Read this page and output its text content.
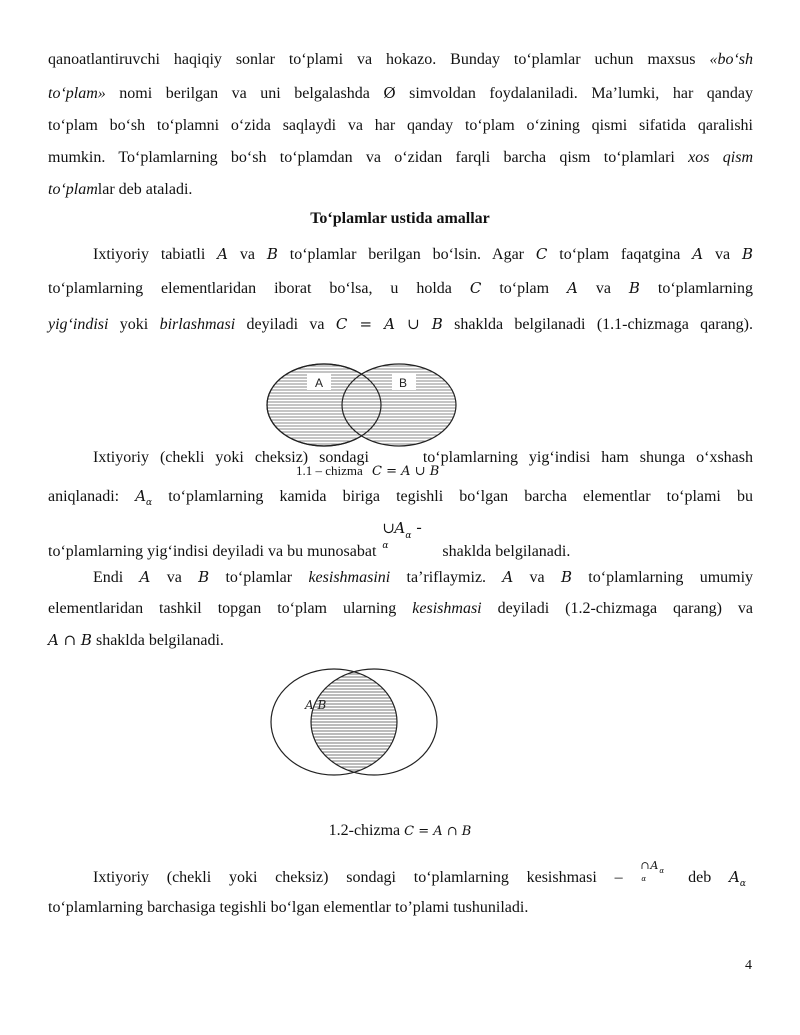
qanoatlantiruvchi haqiqiy sonlar to‘plami va hokazo. Bunday to‘plamlar uchun maxsus «bo‘sh
to‘plam» nomi berilgan va uni belgalashda Ø simvoldan foydalaniladi. Ma’lumki, har qanday
to‘plam bo‘sh to‘plamni o‘zida saqlaydi va har qanday to‘plam o‘zining qismi sifatida qaralishi
mumkin. To‘plamlarning bo‘sh to‘plamdan va o‘zidan farqli barcha qism to‘plamlari xos qism
to‘plamlar deb ataladi.
To‘plamlar ustida amallar
Ixtiyoriy tabiatli A va B to‘plamlar berilgan bo‘lsin. Agar C to‘plam faqatgina A va B
to‘plamlarning elementlaridan iborat bo‘lsa, u holda C to‘plam A va B to‘plamlarning
yig‘indisi yoki birlashmasi deyiladi va C = A ∪ B shaklda belgilanadi (1.1-chizmaga qarang).
A	B
Ixtiyoriy (chekli yoki cheksiz) sondagi  to‘plamlarning yig‘indisi ham shunga o‘xshash
1.1 – chizma C = A ∪ B
aniqlanadi: $A_\alpha$ to‘plamlarning kamida biriga tegishli bo‘lgan barcha elementlar to‘plami bu
to‘plamlarning yig‘indisi deyiladi va bu munosabat
∪ A α -
α	shaklda belgilanadi.
Endi A va B to‘plamlar kesishmasini ta’riflaymiz. A va B to‘plamlarning umumiy
elementlaridan tashkil topgan to‘plam ularning kesishmasi deyiladi (1.2-chizmaga qarang) va
A ∩ B shaklda belgilanadi.
A B
1.2-chizma C = A ∩ B
Ixtiyoriy (chekli yoki cheksiz) sondagi to‘plamlarning kesishmasi –
∩ A α
α	deb $A_\alpha$
to‘plamlarning barchasiga tegishli bo‘lgan elementlar to’plami tushuniladi.
4
